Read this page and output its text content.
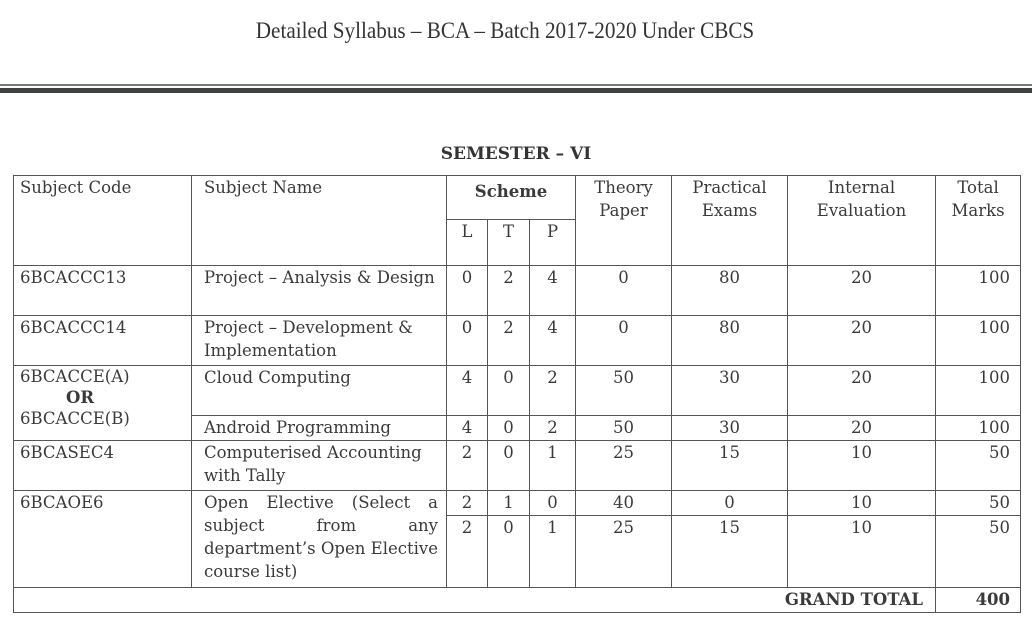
Detailed Syllabus – BCA – Batch 2017-2020 Under CBCS
SEMESTER – VI
Subject Code	Subject Name	Scheme			Theory Paper	Practical Exams	Internal Evaluation	Total Marks
		L	T	P				
6BCACCC13	Project – Analysis & Design	0	2	4	0	80	20	100
6BCACCC14	Project – Development & Implementation	0	2	4	0	80	20	100
6BCACCE(A)
OR
6BCACCE(B)	Cloud Computing	4	0	2	50	30	20	100
	Android Programming	4	0	2	50	30	20	100
6BCASEC4	Computerised Accounting with Tally	2	0	1	25	15	10	50
6BCAOE6	Open Elective (Select a subject from any department’s Open Elective course list)	2	1	0	40	0	10	50
		2	0	1	25	15	10	50
GRAND TOTAL								400
